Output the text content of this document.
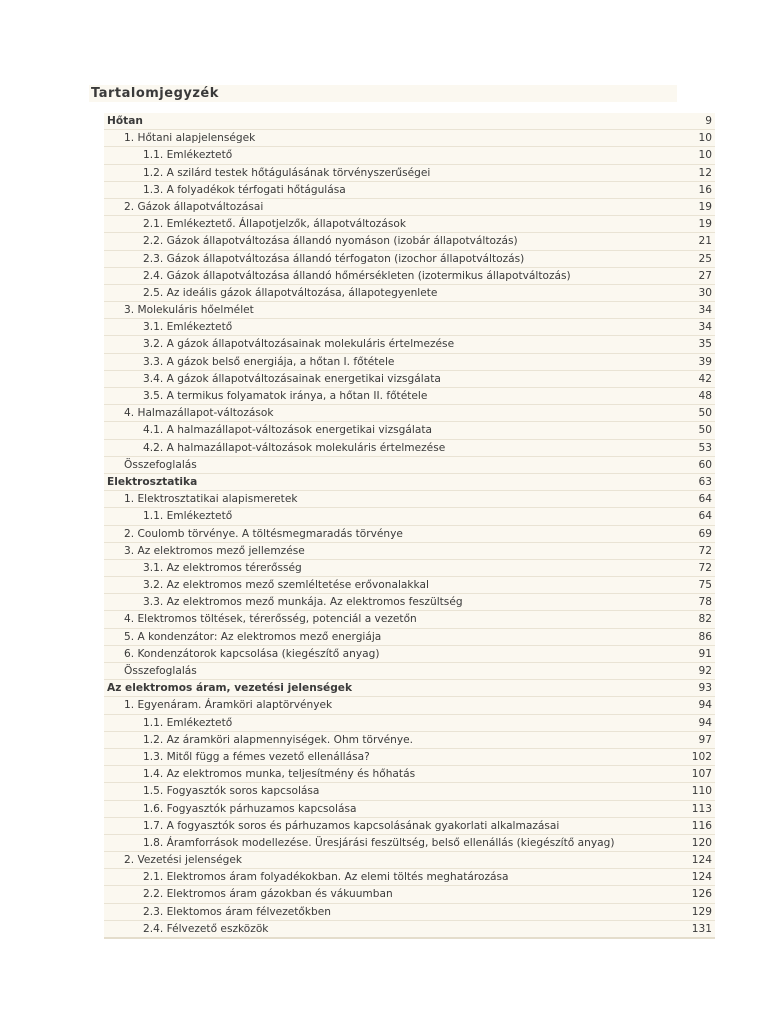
Tartalomjegyzék
Hőtan	9
1. Hőtani alapjelenségek	10
1.1. Emlékeztető	10
1.2. A szilárd testek hőtágulásának törvényszerűségei	12
1.3. A folyadékok térfogati hőtágulása	16
2. Gázok állapotváltozásai	19
2.1. Emlékeztető. Állapotjelzők, állapotváltozások	19
2.2. Gázok állapotváltozása állandó nyomáson (izobár állapotváltozás)	21
2.3. Gázok állapotváltozása állandó térfogaton (izochor állapotváltozás)	25
2.4. Gázok állapotváltozása állandó hőmérsékleten (izotermikus állapotváltozás)	27
2.5. Az ideális gázok állapotváltozása, állapotegyenlete	30
3. Molekuláris hőelmélet	34
3.1. Emlékeztető	34
3.2. A gázok állapotváltozásainak molekuláris értelmezése	35
3.3. A gázok belső energiája, a hőtan I. főtétele	39
3.4. A gázok állapotváltozásainak energetikai vizsgálata	42
3.5. A termikus folyamatok iránya, a hőtan II. főtétele	48
4. Halmazállapot-változások	50
4.1. A halmazállapot-változások energetikai vizsgálata	50
4.2. A halmazállapot-változások molekuláris értelmezése	53
Összefoglalás	60
Elektrosztatika	63
1. Elektrosztatikai alapismeretek	64
1.1. Emlékeztető	64
2. Coulomb törvénye. A töltésmegmaradás törvénye	69
3. Az elektromos mező jellemzése	72
3.1. Az elektromos térerősség	72
3.2. Az elektromos mező szemléltetése erővonalakkal	75
3.3. Az elektromos mező munkája. Az elektromos feszültség	78
4. Elektromos töltések, térerősség, potenciál a vezetőn	82
5. A kondenzátor: Az elektromos mező energiája	86
6. Kondenzátorok kapcsolása (kiegészítő anyag)	91
Összefoglalás	92
Az elektromos áram, vezetési jelenségek	93
1. Egyenáram. Áramköri alaptörvények	94
1.1. Emlékeztető	94
1.2. Az áramköri alapmennyiségek. Ohm törvénye.	97
1.3. Mitől függ a fémes vezető ellenállása?	102
1.4. Az elektromos munka, teljesítmény és hőhatás	107
1.5. Fogyasztók soros kapcsolása	110
1.6. Fogyasztók párhuzamos kapcsolása	113
1.7. A fogyasztók soros és párhuzamos kapcsolásának gyakorlati alkalmazásai	116
1.8. Áramforrások modellezése. Üresjárási feszültség, belső ellenállás (kiegészítő anyag)	120
2. Vezetési jelenségek	124
2.1. Elektromos áram folyadékokban. Az elemi töltés meghatározása	124
2.2. Elektromos áram gázokban és vákuumban	126
2.3. Elektomos áram félvezetőkben	129
2.4. Félvezető eszközök	131
